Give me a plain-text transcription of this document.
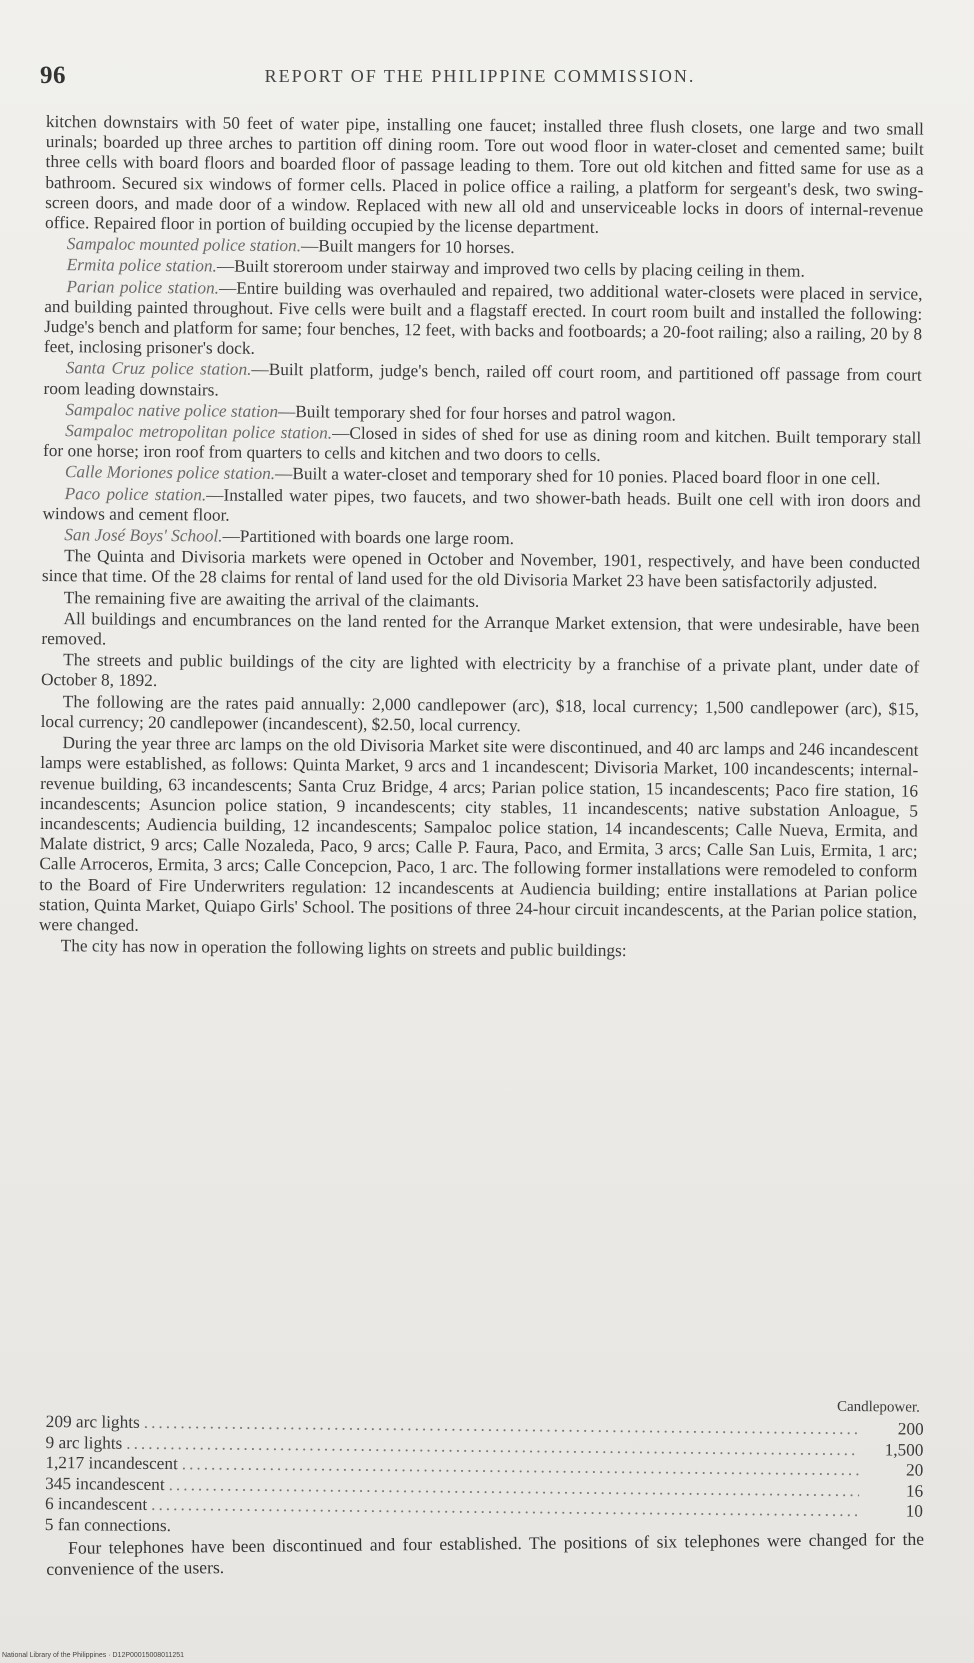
96	REPORT OF THE PHILIPPINE COMMISSION.

kitchen downstairs with 50 feet of water pipe, installing one faucet; installed three flush closets, one large and two small urinals; boarded up three arches to partition off dining room. Tore out wood floor in water-closet and cemented same; built three cells with board floors and boarded floor of passage leading to them. Tore out old kitchen and fitted same for use as a bathroom. Secured six windows of former cells. Placed in police office a railing, a platform for sergeant's desk, two swing-screen doors, and made door of a window. Replaced with new all old and unserviceable locks in doors of internal-revenue office. Repaired floor in portion of building occupied by the license department.

Sampaloc mounted police station.—Built mangers for 10 horses.

Ermita police station.—Built storeroom under stairway and improved two cells by placing ceiling in them.

Parian police station.—Entire building was overhauled and repaired, two additional water-closets were placed in service, and building painted throughout. Five cells were built and a flagstaff erected. In court room built and installed the following: Judge's bench and platform for same; four benches, 12 feet, with backs and footboards; a 20-foot railing; also a railing, 20 by 8 feet, inclosing prisoner's dock.

Santa Cruz police station.—Built platform, judge's bench, railed off court room, and partitioned off passage from court room leading downstairs.

Sampaloc native police station—Built temporary shed for four horses and patrol wagon.

Sampaloc metropolitan police station.—Closed in sides of shed for use as dining room and kitchen. Built temporary stall for one horse; iron roof from quarters to cells and kitchen and two doors to cells.

Calle Moriones police station.—Built a water-closet and temporary shed for 10 ponies. Placed board floor in one cell.

Paco police station.—Installed water pipes, two faucets, and two shower-bath heads. Built one cell with iron doors and windows and cement floor.

San José Boys' School.—Partitioned with boards one large room.

The Quinta and Divisoria markets were opened in October and November, 1901, respectively, and have been conducted since that time. Of the 28 claims for rental of land used for the old Divisoria Market 23 have been satisfactorily adjusted.

The remaining five are awaiting the arrival of the claimants.

All buildings and encumbrances on the land rented for the Arranque Market extension, that were undesirable, have been removed.

The streets and public buildings of the city are lighted with electricity by a franchise of a private plant, under date of October 8, 1892.

The following are the rates paid annually: 2,000 candlepower (arc), $18, local currency; 1,500 candlepower (arc), $15, local currency; 20 candlepower (incandescent), $2.50, local currency.

During the year three arc lamps on the old Divisoria Market site were discontinued, and 40 arc lamps and 246 incandescent lamps were established, as follows: Quinta Market, 9 arcs and 1 incandescent; Divisoria Market, 100 incandescents; internal-revenue building, 63 incandescents; Santa Cruz Bridge, 4 arcs; Parian police station, 15 incandescents; Paco fire station, 16 incandescents; Asuncion police station, 9 incandescents; city stables, 11 incandescents; native substation Anloague, 5 incandescents; Audiencia building, 12 incandescents; Sampaloc police station, 14 incandescents; Calle Nueva, Ermita, and Malate district, 9 arcs; Calle Nozaleda, Paco, 9 arcs; Calle P. Faura, Paco, and Ermita, 3 arcs; Calle San Luis, Ermita, 1 arc; Calle Arroceros, Ermita, 3 arcs; Calle Concepcion, Paco, 1 arc. The following former installations were remodeled to conform to the Board of Fire Underwriters regulation: 12 incandescents at Audiencia building; entire installations at Parian police station, Quinta Market, Quiapo Girls' School. The positions of three 24-hour circuit incandescents, at the Parian police station, were changed.

The city has now in operation the following lights on streets and public buildings:

Candlepower.
209 arc lights .....	200
9 arc lights .....	1,500
1,217 incandescent .....	20
345 incandescent .....	16
6 incandescent .....	10
5 fan connections.
Four telephones have been discontinued and four established. The positions of six telephones were changed for the convenience of the users.
National Library of the Philippines · D12P00015008011251
